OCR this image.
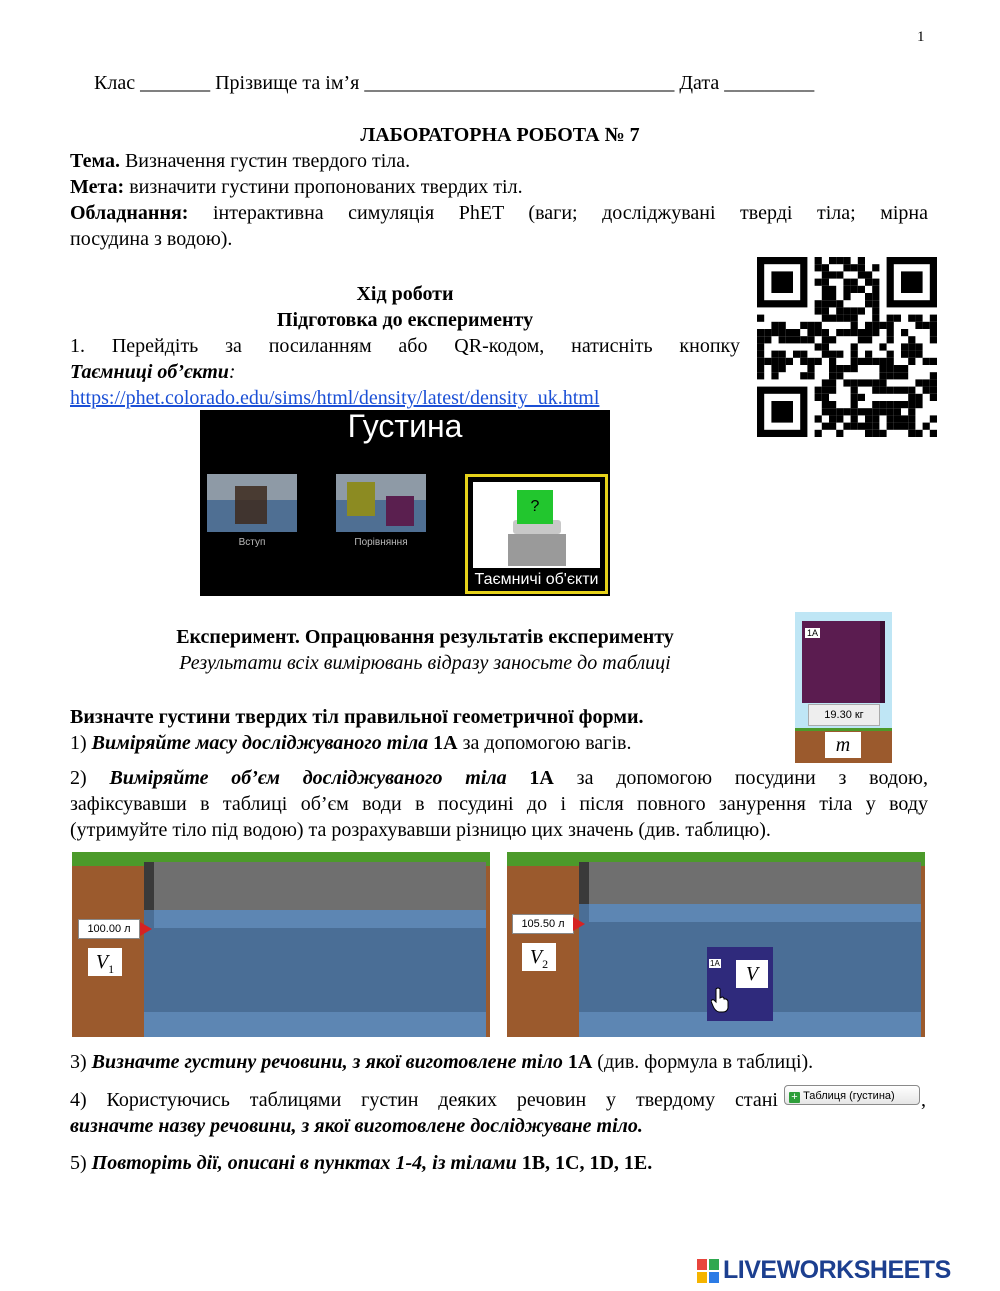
1
Клас _______ Прізвище та ім’я _______________________________ Дата _________
ЛАБОРАТОРНА РОБОТА № 7
Тема. Визначення густин твердого тіла.
Мета: визначити густини пропонованих твердих тіл.
Обладнання: інтерактивна симуляція PhET (ваги; досліджувані тверді тіла; мірна
посудина з водою).
Хід роботи
Підготовка до експерименту
1. Перейдіть за посиланням або QR-кодом, натисніть кнопку
Таємниці об’єкти:
https://phet.colorado.edu/sims/html/density/latest/density_uk.html
Густина
Вступ	Порівняння
?
Таємничі об'єкти
Експеримент. Опрацювання результатів експерименту
Результати всіх вимірювань відразу заносьте до таблиці
1A
19.30 кг
m
Визначте густини твердих тіл правильної геометричної форми.
1) Виміряйте масу досліджуваного тіла 1A за допомогою вагів.
2) Виміряйте об’єм досліджуваного тіла 1A за допомогою посудини з водою,
зафіксувавши в таблиці об’єм води в посудині до і після повного занурення тіла у воду
(утримуйте тіло під водою) та розрахувавши різницю цих значень (див. таблицю).
100.00 л
$V_1$
105.50 л
$V_2$	1A	V
3) Визначте густину речовини, з якої виготовлене тіло 1A (див. формула в таблиці).
4) Користуючись таблицями густин деяких речовин у твердому стані	+ Таблиця (густина)	,
визначте назву речовини, з якої виготовлене досліджуване тіло.
5) Повторіть дії, описані в пунктах 1-4, із тілами 1B, 1C, 1D, 1E.
LIVEWORKSHEETS
